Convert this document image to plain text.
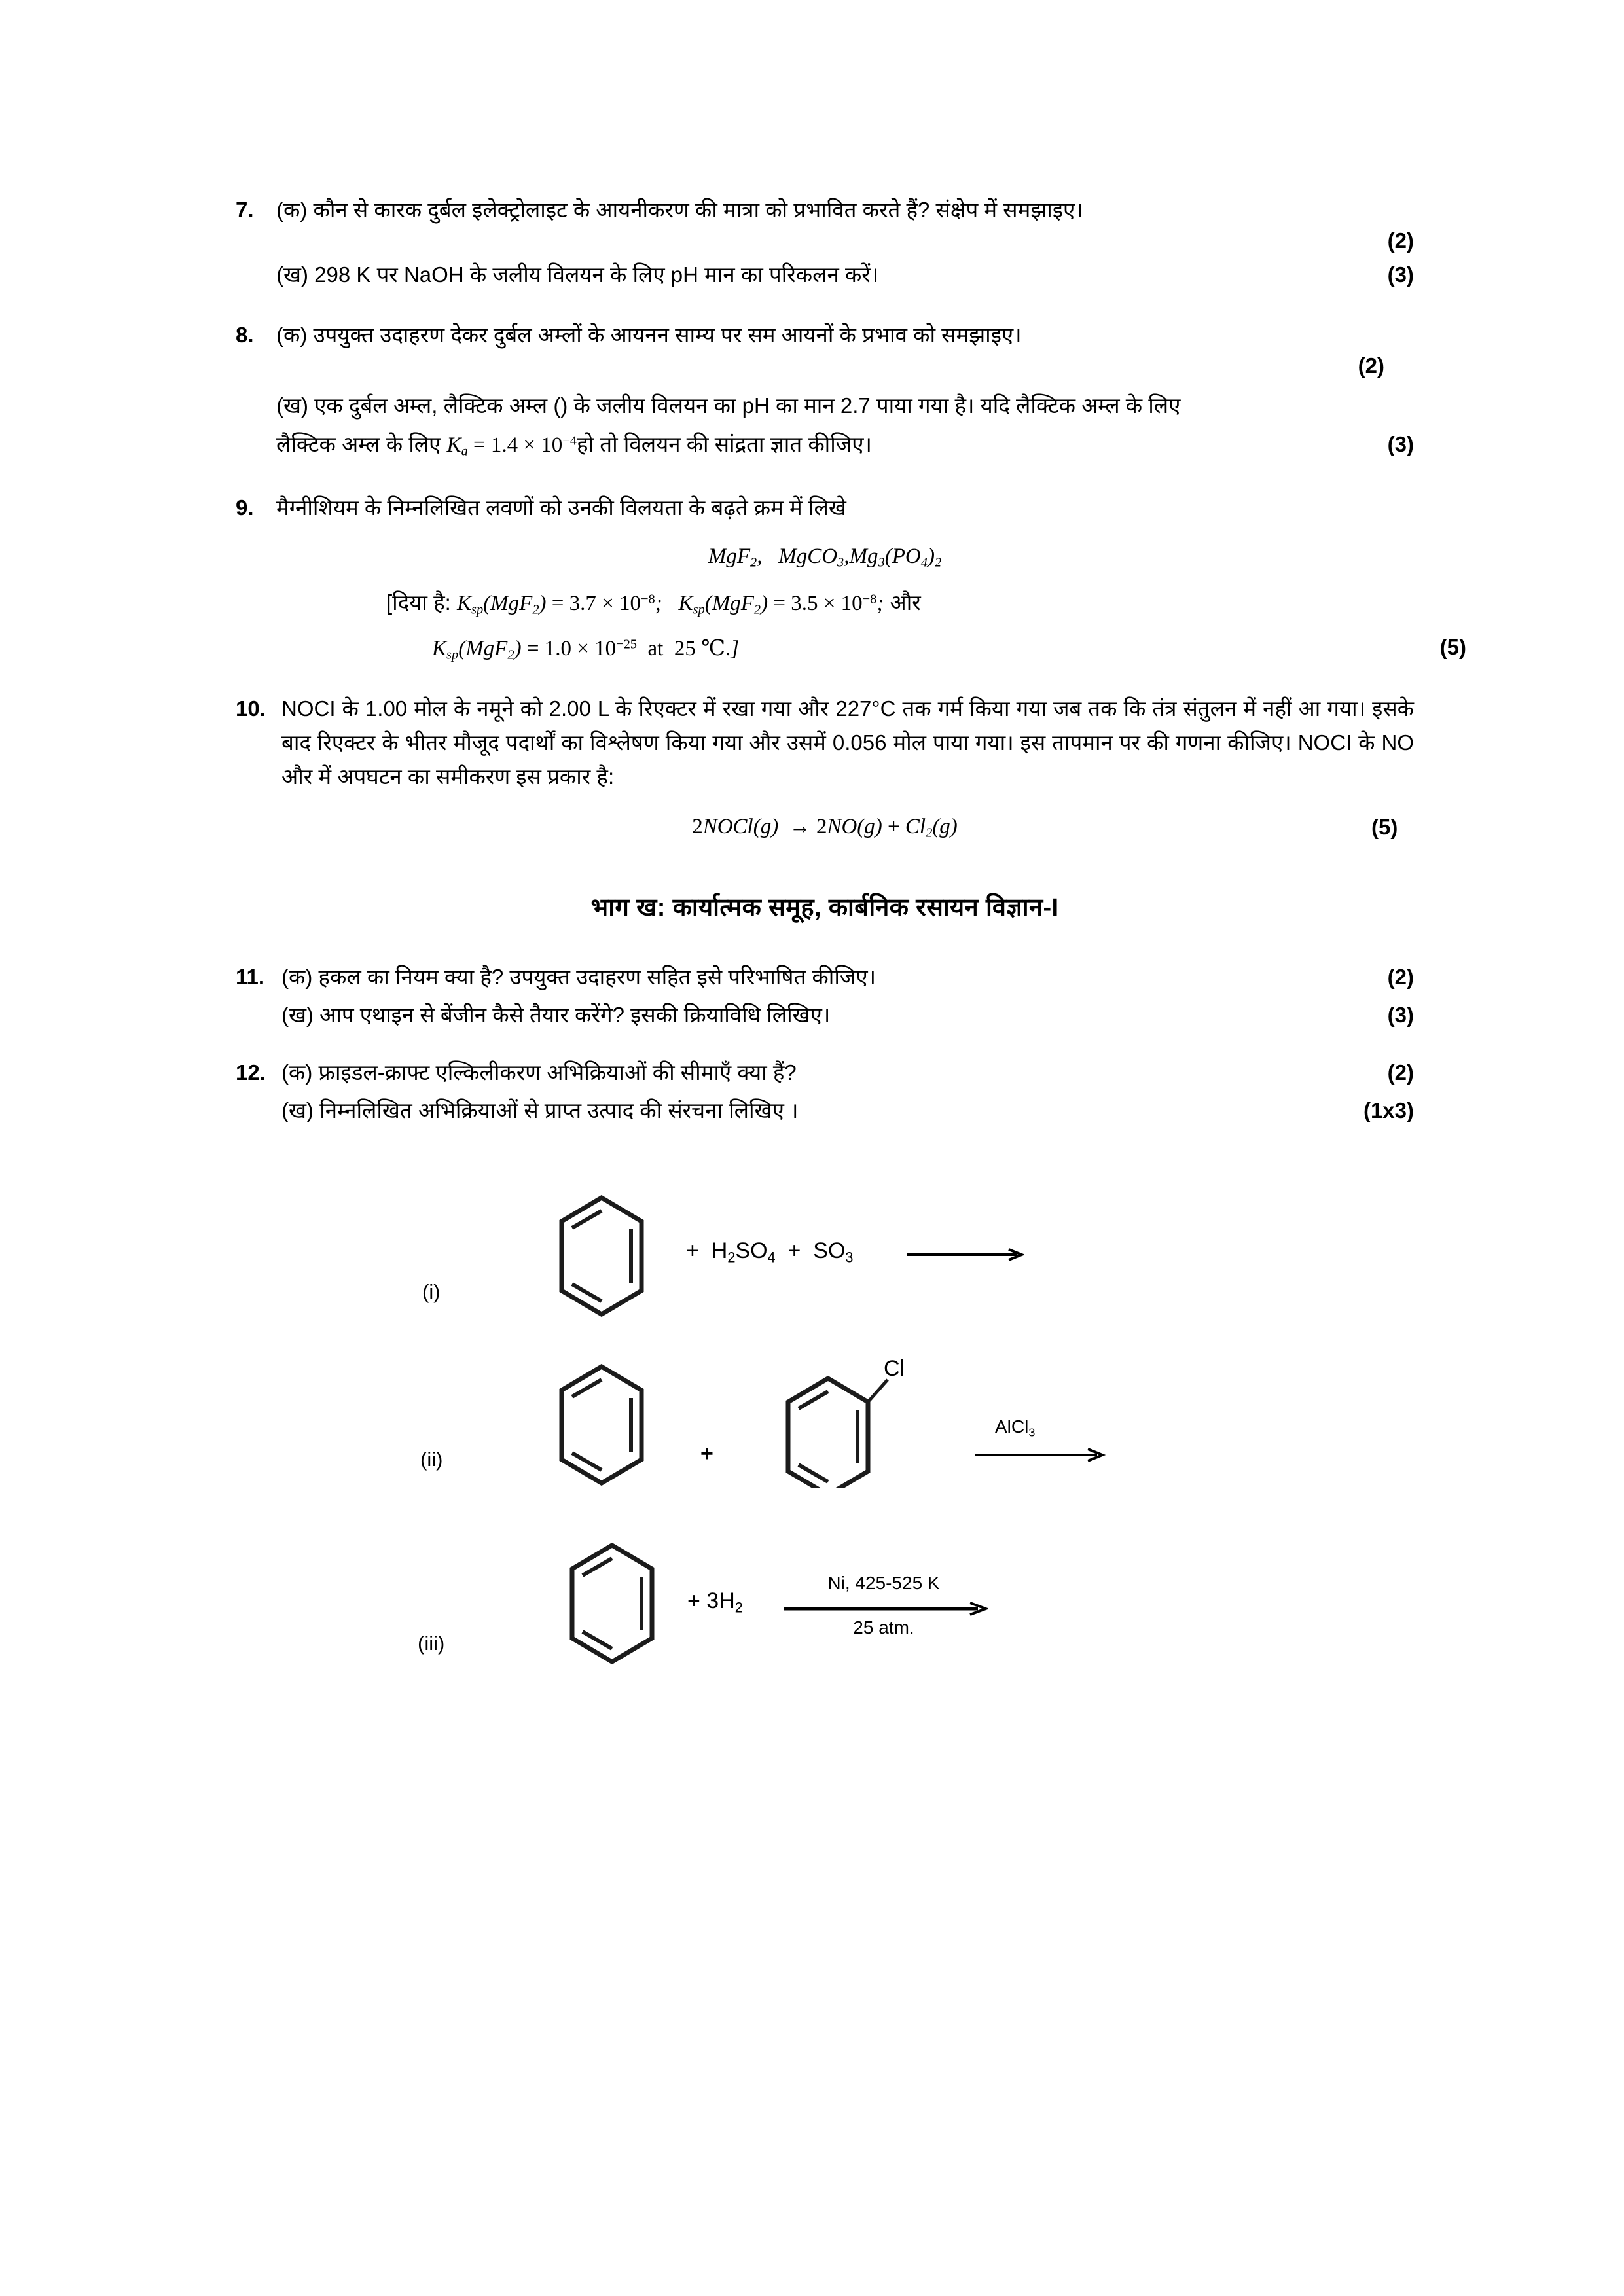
7.
(2)
(क) कौन से कारक दुर्बल इलेक्ट्रोलाइट के आयनीकरण की मात्रा को प्रभावित करते हैं? संक्षेप में समझाइए।
(3)
(ख) 298 K पर NaOH के जलीय विलयन के लिए pH मान का परिकलन करें।
8.	(क) उपयुक्त उदाहरण देकर दुर्बल अम्लों के आयनन साम्य पर सम आयनों के प्रभाव को समझाइए।
(2)
(ख) एक दुर्बल अम्ल, लैक्टिक अम्ल () के जलीय विलयन का pH का मान 2.7 पाया गया है। यदि लैक्टिक अम्ल के लिए
(3)
लैक्टिक अम्ल के लिए $K_a = 1.4$ × $10^{-4}हो$ तो विलयन की सांद्रता ज्ञात कीजिए।
9.	मैग्नीशियम के निम्नलिखित लवणों को उनकी विलयता के बढ़ते क्रम में लिखे
MgF$_2$,   $MgCO_3,Mg_3(PO_4)_2$
[दिया है: $K_{sp}(MgF_2) = 3.7 \times 10^{-8}$;   $K_{sp}(MgF_2) = 3.5 \times 10^{-8}$; और
(5)
$K_{sp}(MgF_2) = 1.0 \times 10^{-25}$ at 25 ℃.]
10. NOCI के 1.00 मोल के नमूने को 2.00 L के रिएक्टर में रखा गया और 227°C तक गर्म किया गया जब तक कि तंत्र संतुलन में नहीं आ गया। इसके बाद रिएक्टर के भीतर मौजूद पदार्थों का विश्लेषण किया गया और उसमें 0.056 मोल पाया गया। इस तापमान पर की गणना कीजिए। NOCI के NO और में अपघटन का समीकरण इस प्रकार है:
2NOCl(g)  → $2NO(g) + Cl_2(g)$	(5)
भाग ख: कार्यात्मक समूह, कार्बनिक रसायन विज्ञान-I
11.	(2)
(क) हकल का नियम क्या है? उपयुक्त उदाहरण सहित इसे परिभाषित कीजिए।
(3)
(ख) आप एथाइन से बेंजीन कैसे तैयार करेंगे? इसकी क्रियाविधि लिखिए।
12.	(2)
(क) फ्राइडल-क्राफ्ट एल्किलीकरण अभिक्रियाओं की सीमाएँ क्या हैं?
(1x3)
(ख) निम्नलिखित अभिक्रियाओं से प्राप्त उत्पाद की संरचना लिखिए ।
(i)
+  $H_2SO_4 + SO_3$
(ii)	+
Cl
AlCl$_3$
(iii)
+ $3H_2$
Ni, 425-525 K
25 atm.
